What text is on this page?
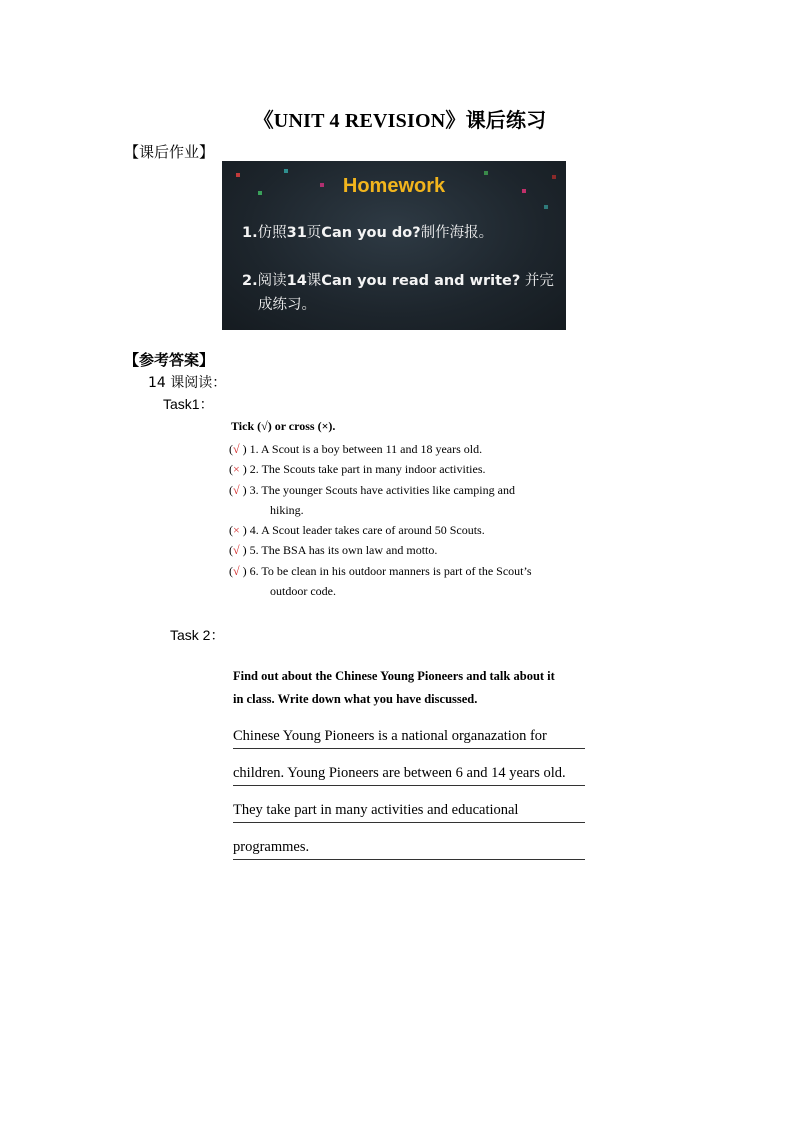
《UNIT 4 REVISION》课后练习
【课后作业】
Homework
1.仿照31页Can you do?制作海报。
2.阅读14课Can you read and write? 并完
成练习。
【参考答案】
14 课阅读：
Task1：
Tick (√) or cross (×).
(√ ) 1. A Scout is a boy between 11 and 18 years old.
(× ) 2. The Scouts take part in many indoor activities.
(√ ) 3. The younger Scouts have activities like camping and
hiking.
(× ) 4. A Scout leader takes care of around 50 Scouts.
(√ ) 5. The BSA has its own law and motto.
(√ ) 6. To be clean in his outdoor manners is part of the Scout’s
outdoor code.
Task 2：
Find out about the Chinese Young Pioneers and talk about it
in class. Write down what you have discussed.
Chinese Young Pioneers is a national organazation for
children. Young Pioneers are between 6 and 14 years old.
They take part in many activities and educational
programmes.
